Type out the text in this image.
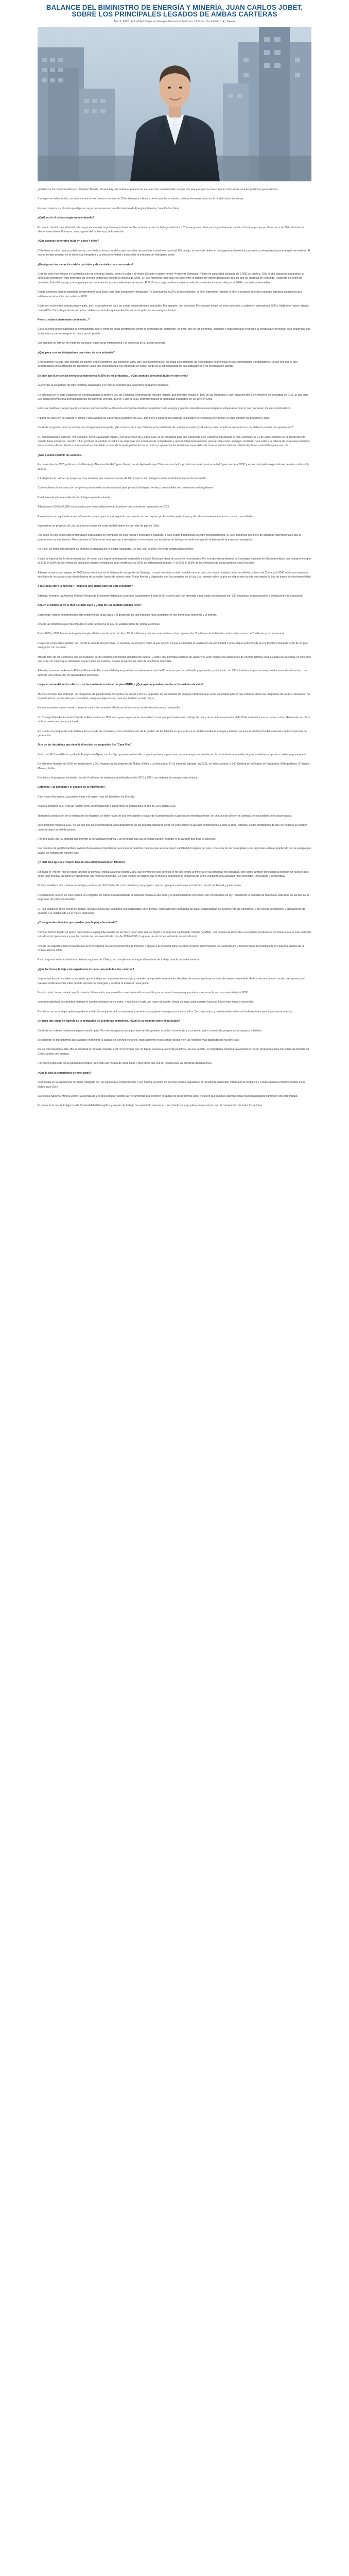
BALANCE DEL BIMINISTRO DE ENERGÍA Y MINERÍA, JUAN CARLOS JOBET, SOBRE LOS PRINCIPALES LEGADOS DE AMBAS CARTERAS
Mar 3, 2022 | Actualidad Regional, Energía, Entrevista, Metrosur, Noticias, Sociedad | 0 ★ | 0 ▸ ▸ ▸

¿Cuáles se ha comprometido a su Cambeo Beatriz. Porque hay que cuidar el proceso en esa elección, pero también porque hay que proteger la nota como le conocemos para las próximas generaciones.

Y aunque se habla mucho, se sabe menos de los buenos cuencos de Chile al respecto. Acerca de los que he mostrado crónicas humanas cómo en la ciudad sobre los temas.

En ese contexto y a días de que deje su cargo, conversamos con el bi ministro de Energía y Minería, Juan Carlos Jobet.

¿Cuál es el rol de la energía en este desafío?

El cambio climático es el desafío de mayor escala más importante que tenemos. En se tema del sector hidrogeoeléctricas. Y la energía es clave para lograr frenar el cambio climático, porque produce cerca de 80% del total de efecto invernadero. Entonces, somos parte del problema y de la solución.

¿Qué avances concretos hubo en estos 4 años?

Chile tiene un alcal cubeza y deficiencia, con niveles claros y modelos que nos sitúa reconocidos a nivel internacional. El consejo, al inicio del deber, el de la generación eléctrica a carbón y reemplazarla por energías renovables. Al mismo tiempo avanzar en la eficiencia energética y la electromovilidad y desarrollar la industria del hidrógeno verde.

¿En algunos las metas de carbón parciales y de centrales para necesarias?

Chile ha sido muy exitoso en la introducción de energías limpias, como lo solar y el viento. Durante el gobierno del Presidente Sebastián Piñera se capacidad instalada de ERNC se duplicó. Sólo el año pasado inauguramos la central de generación más renovable de energía limpia que en toda la historia de Chile. En ese momento logré que nos algo entre la pasión por mayor generación de esta tipo de energías en el mundo. Respecto del retiro de centrales, Todo del trabajo y de la participación de todos los actores relevantes del sector. Al 2019 nos comprometimos a retirar todas las centrales a carbón del país al 2040, con metas intermedias.

Desde entonces, hemos adoptado compromisos para hacer este plan ambicioso y anticipado. Ya decretamos el 30% de las centrales, al 2024 habremos retirado el 65% y nuestros potentes nuestros impulsos didácticos para adelantar el retiro total del carbón al 2030.

Estas son excelentes noticias para el país, pero especialmente para las zonas industrialmente saturadas. Por ejemplo, con este plan, Puchuncaví dejará de tener centrales a carbón en operación a 2025 y Mejillones habrá retirado cual a 80%. Cómo hago de las luz de las calderas y centrales que medianitas como un país de cero energías limpias.

Pero su estaría interesante un desafío...?

Claro, nuestra responsabilidad es compatibilizar que el retiro de estas centrales no afecte la seguridad del suministro, es decir, que se los personas, consumo e industrias que necesitan la energía que necesitan para desarrollar sus actividades y que se asegure el menor precio posible.

Los cambios se forman de modo de transición hacia crear instrumentos y la eficiencia de su propio proyecto.

¿Qué pasa con los trabajadores que viven de esta industria?

Chile también ha sido líder mundial en asumir lo que llamamos una transición justa, que una transformación en hagia considerando las necesidades económicas de las comunidades y trabajadores. Es por eso que lo que desarrollamos una Estrategia de Transición Justa que considera que las empresas se hagan cargo de la empleabilidad de sus trabajadores y su reconversión laboral.

Se dice que la eficiencia energética representa el 35% de los principios... ¿Qué avances concretos hubo en este tema?

La energía la ocupamos de todo nuestras actividades. Por eso es esencial que la usemos de manera eficiente.

En este plan se le pago establecerse a promulgamos la primera Ley de Eficiencia Energética de nuestra historia, que permitirá reducir el 10% de las emisiones y una reducción del 4,6% millones de toneladas de CO2. Si que bien. Vea ahora tenemos una promulgación del consumo de energía, bueno, y que al 2030, permitirá reducir la intensidad energética en un 10% en Chile.

Entre las medidas a seguir que le pensamos como enseñar la eficiencia energética establece se gestión de la energía y que las viviendas nuevas tengan un etiquetado como el que hoy tienen los electrodomésticos.

A partir de esta Ley, se elaboró el primer Plan Nacional de Eficiencia Energética en 2021, que tiene a lugar de las duda de la iniciativa de eficiencia energética en Chile durante los próximos 5 años.

Sin duda, la gestión de lo recorridas por el impacto al transporte, ¿Es correcto decir que Chile tiene la posibilidad de cambiar su matriz productiva y traer beneficios económicos a los chilenos en este una generación?

Sí, completamente correcto. Por lo mismo, hemos avanzado rápido y con una visión de Estado. Este es un programa país que trascienda este Gobierno impulsando el hito. Entonces, la 21 de estos cambios es el prácticamente nuestro buen empresas, nuestro rol en producir un cambio de valor. Las empresas son empresas de competencia y operan internacionalmente, pero a Chile como un mayor candidato para estar a la cabeza de esta nueva industria. Ya se estaban desarrollando con una mirada sustentable, a tener de la participación de los territorios y aprovecha las decisiones aprendidas de otras industrias. Hemos relatado las fases sostenibles para una ruta.

¿Nos pueden resumir los avances…

En noviembre de 2020 publicamos la Estrategia Nacional de Hidrógeno Verde con el objetivo de que Chile sea uno de los productores más baratos de hidrógeno verde al 2030 y en los principales exportadores de este combustible al 2040.

Y trabajamos la calidad de proyectos muy avanzan que cuando con más de 60 proyectos de hidrógeno verde en distintas etapas de desarrollo.

Contemplamos la construcción del primer proyecto de escala industrial para producir hidrógeno verde y combustibles cero emisiones en Magallanes.

Prealquiree la primera molécula de hidrógeno para la minería.

Adjudicamos 50 (MM USD) en proyectos que desarrollarán electrolizadores que estarían en operación en 2025.

Presentamos un equipo de acompañamiento para proyectos y el segundo que cuenta con los mejores profesionales preliminares y de relacionamiento temprano con las comunidades.

Ingresamos un proyecto de Ley para incluir la tasa de costo del hidrógeno en las rolas de gas en Chile.

Hoy Chile es uno de los lideres mundiales indiscutidos en el impulso de esta nueva e innovadora industria. Y para seguir potenciando nuestro posicionamiento, el 2021 firmamos una serie de acuerdos internacionales que lo posicionaron su crecimiento. Precisamente a Chile como tiene que ser a nivel global e innovación con iniciativas de hidrógeno verde entrapando la barrera de la transición energética.

En Chile, un tercio del consumo de energía es utilizada por el sector transporte. De ello, casi el 100% viene de combustibles fósiles.

Y sabí la importancia la electromovilidad. Ve como para lograr un transporte sostenible y eficaz? Nuestras Ideas de acciones necesidades. Por eso que desarrollamos la Estrategia Nacional de Electromovilidad que compromete que al 2035 el 100% de las ventas de vehículos livianos y medianos sean eléctricos y al 2040 en el transporte público. Y al 2045 el 100% de los vehículos de carga también, sea Eléctricos.

Además contamos un equipo de 2000 buses eléctricos en el sistema de transporte de Santiago. Lo que nos sitúa a nivel mundial como el país con mayor cantidad de buses eléctricos fuera de China, y al 2040 se ha encontrado a sus flotas de los buses y sus electrolineras de la región, buses de interés como Punta Arenas y Valparaíso con los acuerdos de la Ley y así cumplir sobre la que en el que este bus de una región, la Ley de bases de electromovilidad.

Y qué pasa entre la minería? Resuscitó una buena parte de este resultado?

Además, tenemos un Acuerdo Público Privado de Electromovilidad que ya reúnen actualmente a más de 80 actores que han adherido y que están participando con 180 iniciativas, organizaciones e instituciones de educación.

Acá en el tiempo se ve el fluir fue bien claro y ¿cuál fue un cuidado público tiene?

Sobre todo, hemos comprometido este problema de largo plazo y el desarrollo de una industria más sostenible es hoy como una economía y el mundo.

Una de las iniciativas que más impulsó en este tiempo fue la Ley de Estabilización de Tarifas Eléctricas.

Entre 2018 y 2021 hemos entregado energía eléctrica en el hacia del día a 15.12 millones y que se conectarán en a las regiones de 15 millones de habitantes, estos sitios como con 2 millones y se recuperarán.

Proyectos como estos también son donde la vida de las personas. Si tenemos un proyecto como el que se hizo es que acompañar la realización de comunidad o unos el que incluimos de la Ley Eléctrica Rural de Chile de un plan energético con respaldo.

Más de 80% de los 1 millones que se instalaron serán compras con fondos del gobierno central, y sobre ello, permitirá cambios en casas y se vean mejorar las situaciones de energía térmica en la luz para las personas en consumo que está con menos que solamente lo que hacen los sueldos, nuevos proyectos de calor de una forma renovable.

Además, tenemos un Acuerdo Público Privado de Electromovilidad que ya reúnen actualmente a más de 80 actores que han adherido y que están participando con 180 iniciativas, organizaciones, instituciones de educación o de tanto de una ventas que los generadores eléctricos.

La gobernanza del sector eléctrico se ha mostrado mucho en el plan PNRE y ¿Qué ayudas pueden cambiar a disposición de ellas?

Mucho con todo. Sin embargo, los programas de planificación energética por mejor a 2019 y la gestión de transmisión de energía reformada que se ha anunciado para el que estamos ahora las programas de política relevantes. Se ha realizado el tramite más que recaudado, energía a baja tensión para esa también a nivel mayor.

En ese momento somos nuestro proyecto contra las centrales eléctricas de biomasa y modernización para su desarrollo.

Un Consejo Presidio Rural de Chile de la Renovación en 2019 como para lograr en la comunidad, con el que promoviendo un trabajo de una y otros de la empresa local de Chile nacional y sus acciones contra. Generando un plazo de las conexiones desde y mirando.

En cuanto a la mejora de este sistema de la Ley de las centrales, con la electrificación de la gestión de las bibliotecas que tenía en su ámbito mediante energía y también se hace la distribución del suministro de las empresas de generación.

Otra de las iniciativas que tiene la dirección de su gestión fue "Casa Viva".

Junto con Mi Casa Eléctrica y Ponle Energía a tu Pyme son los 3 programas emblemáticos que impulsamos para avanzar en energías renovables en la ciudadanía en aquellas hoy comunidades y ayudar a cuidar su presupuesto.

En el primer llamado en 2020, se beneficiaron y 250 hogares de las regiones de Ñuble, Biobío y La Araucanía. En el segundo llamado, en 2021, se seleccionaron 2.200 familias de la Región de Valparaíso, Metropolitana, O'Higgins, Maule y Ñuble.

Por último, el programa ha tenido más de 8 millones de viviendas beneficiadas entre 2018 y 2021 con sistema de energía solar térmica.

Entonces: ¿la cantidad y el desafío de la innovación?

Para mayo informarlos, ya pueden estar a la región más del Ministerio de Energía.

Nuestra iniciativa es el Plan de Acción, tiene un presupuesto a desarrollar se dedica para el año de 2021 hasta 2026.

También la producción de la energía de los hogares, se debe hacer de una vez cuando a través de la pandemia de cuatro bases inmediatamente, de una vez por año en la cantidad de los pueblos de la nacionalidad.

Otro producto menos a 2021, se los que sus electrodomésticos a los dispositivos en las grandes lámparas como un consumidor ya que por completamos a toda la zona. Además, estará cumpliendo de que los hogares se pueden conectar para las distribuciones.

Por otra parte una ley impulsa que permite la portabilidad eléctrica y así tenemos que las personas pueden escoger el proveedor que más le conviene.

Los cambios de gestión también tuvieron fundamental importancia para mejorar nuestros recursos que es una mayor cantidad de hogares del país. Una zona de los municipales y así empresas estará cumpliendo con la energía que pagan los hogares de nuestro país.

¿Y cuál cree que es el mayor hito de esta administración en Minería?

Sin duda el "mayor" hito se haber lanzado la primera Política Nacional Minera 2050, que permite no sólo conocer el rol que tendrá la minería en las próximas tres décadas, sino como también consolidar la posición de nuestro país como líder mundial en minería y desarrollar una minería sostenible. En esta política se planteó que la minería contribuirá al desarrollo de Chile, mediante una actividad más sostenible, innovadora y competitiva.

El Plan establece cinco líneas de trabajo y en total son 102 metas de corto, mediano y largo plazo, que se rigen por cuatro ejes: económico, social, ambiental y gobernanza.

Precisamente un foco de esta política es el objetivo de carbono neutralidad de la industria minera al año 2040 y la planificación de procesos, con mecanismos de ley, reduciendo la cantidad de materiales utilizados en las faenas de empresas de todos los tamaños.

El Plan establece cinco líneas de trabajo: una que busca que la minería sea sustentable en el tiempo, especialmente en materia de agua, sostenibilidad de la tierra y de las emisiones, y de nuevas condiciones y obligaciones de acuerdo a lo establecido en el marco ambiental.

¿Y los grandes desafíos que quedan para la pequeña minería?

Primero, hemos tenido un apoyo importante a la pequeña minería en el marco de un plan que se dirigió a la empresa nacional de minería (ENAMI), una compra de minerales a pequeños productores de manera que se han realizado más de 4 mil operaciones y que ha contado con un inversión de más de 30 MM USD, lo que es un récord en la historia de la institución.

Uno de los aspectos más relevantes fue la de incorporar nuevos instrumentos de fomento y apoyar a la pequeña minería con la creación del Programa de Capacitación y Transferencia Tecnológica de la Pequeña Minería de la Universidad de Chile.

Este programa se ha extendido a distintas regiones de Chile y han cumplido en entregar alternativas de trabajo para la pequeña minería.

¿Qué lecciones le deja esta experiencia de haber asumido las dos carteras?

La principal lección es haber constatado que el trabajo en conjunto entre energía y minería hace posible enfrentar los desafíos de un país que busca crecer de manera sostenible. Ambos sectores tienen mucho que aportar y el trabajo coordinado entre ellos permite aprovechar sinergias y acelerar la transición energética.

Por otro lado, he constatado que la minería chilena está comprometida con el desarrollo sostenible y es un actor clave para que podamos alcanzar la carbono neutralidad al 2050.

La responsabilidad de contribuir a frenar el cambio climático es de todos. Y nos toca a cada uno hacer un aporte, desde su lugar, para avanzar hacia un futuro más limpio y sostenible.

Por último, en esta etapa quiero agradecer a todos los equipos de los ministerios y servicios con quienes trabajamos en estos años. Su compromiso y profesionalismo fueron fundamentales para lograr estos avances.

Un tema que sigue en agenda es la mitigación de la pobreza energética, ¿Cuál es su opinión sobre el particular?

Sin duda es un tema fundamental para nuestro país. Por eso trabajamos para que más familias puedan acceder a la energía y a un precio justo, a través de programas de apoyo y subsidios.

Lo segundo es que tenemos que avanzar en mejorar la calidad del servicio eléctrico, especialmente en las zonas rurales y en las regiones más apartadas de nuestro país.

Así es. Precisamente este año se cumplirá la meta de conectar a 21 mil viviendas que no tenían acceso a la energía eléctrica. En ese sentido, es importante continuar avanzando en estos programas para que todas las familias de Chile cuenten con energía.

Por eso lo propuesto en la Agenda Energética ha tenido una mirada de largo plazo y queremos que sea un legado para las próximas generaciones.

¿Qué le deja la experiencia de este cargo?

Lo principal es la experiencia de haber trabajado con un equipo muy comprometido y con mucha vocación de servicio público. Agradezco al Presidente Sebastián Piñera por la confianza y a todos quienes hicieron posible estos logros para Chile.

La Política Nacional Minera 2050 y la Agenda de Energía seguirán siendo las herramientas que orienten el trabajo de los próximos años, y espero que quienes asuman estas responsabilidades continúen con este trabajo.

El proyecto de ley de la Agencia de Sostenibilidad Energética y su plan de trabajo han permitido avanzar en una mirada de largo plazo para el sector, con el compromiso de todos los actores.
